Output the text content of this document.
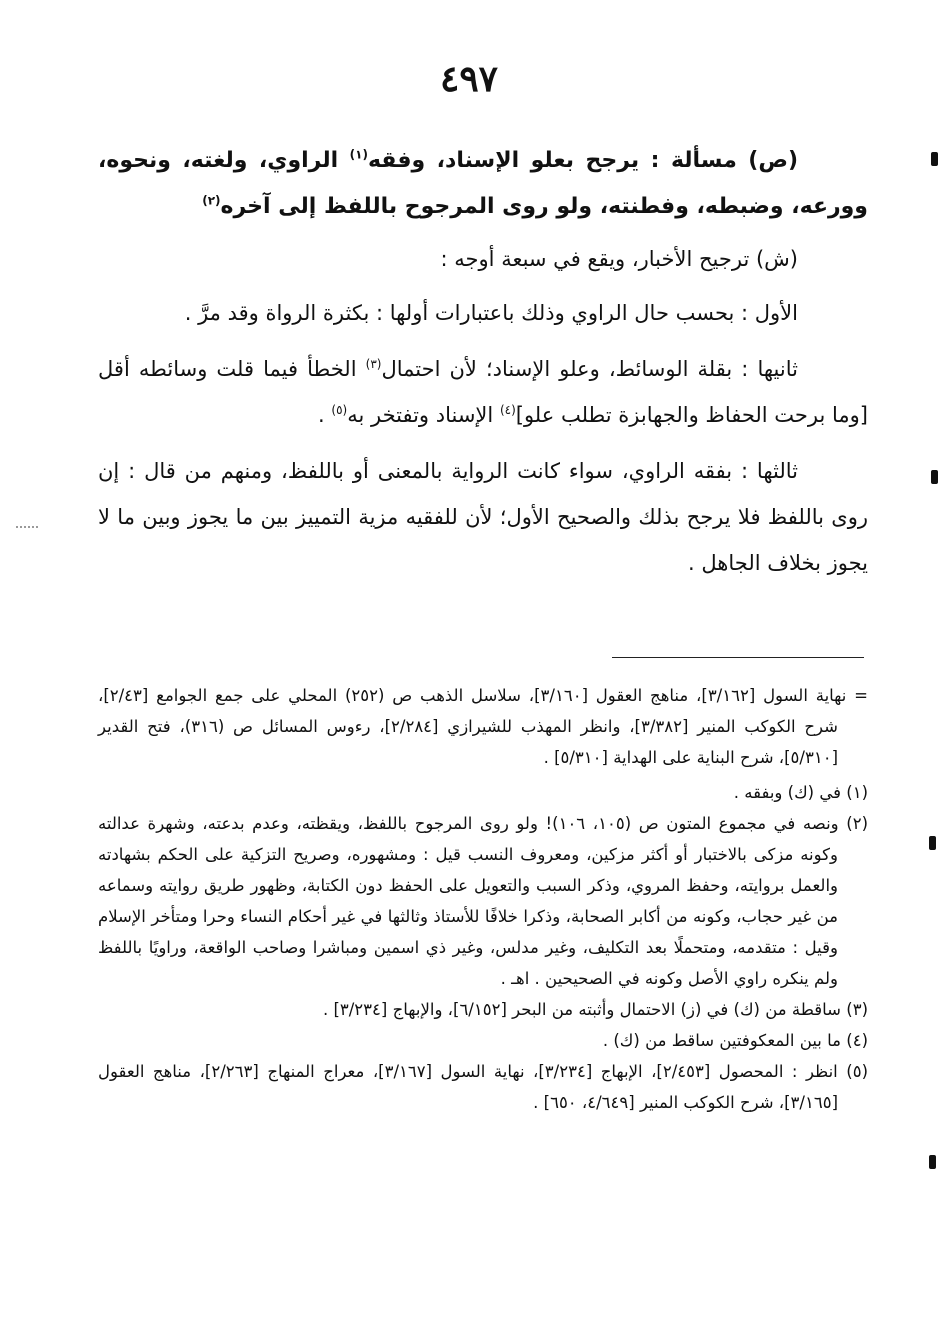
٤٩٧

(ص) مسألة : يرجح بعلو الإسناد، وفقه$^{(١)}$ الراوي، ولغته، ونحوه، وورعه، وضبطه، وفطنته، ولو روى المرجوح باللفظ إلى آخره$^{(٢)}$

(ش) ترجيح الأخبار، ويقع في سبعة أوجه :

الأول : بحسب حال الراوي وذلك باعتبارات أولها : بكثرة الرواة وقد مرَّ .

ثانيها : بقلة الوسائط، وعلو الإسناد؛ لأن احتمال$^{(٣)}$ الخطأ فيما قلت وسائطه أقل [وما برحت الحفاظ والجهابزة تطلب علو]$^{(٤)}$ الإسناد وتفتخر به$^{(٥)}$ .

ثالثها : بفقه الراوي، سواء كانت الرواية بالمعنى أو باللفظ، ومنهم من قال : إن روى باللفظ فلا يرجح بذلك والصحيح الأول؛ لأن للفقيه مزية التمييز بين ما يجوز وبين ما لا يجوز بخلاف الجاهل .

= نهاية السول [٣/١٦٢]، مناهج العقول [٣/١٦٠]، سلاسل الذهب ص (٢٥٢) المحلي على جمع الجوامع [٢/٤٣]، شرح الكوكب المنير [٣/٣٨٢]، وانظر المهذب للشيرازي [٢/٢٨٤]، رءوس المسائل ص (٣١٦)، فتح القدير [٥/٣١٠]، شرح البناية على الهداية [٥/٣١٠] .

(١) في (ك) وبفقه .

(٢) ونصه في مجموع المتون ص (١٠٥، ١٠٦)! ولو روى المرجوح باللفظ، ويقظته، وعدم بدعته، وشهرة عدالته وكونه مزكى بالاختبار أو أكثر مزكين، ومعروف النسب قيل : ومشهوره، وصريح التزكية على الحكم بشهادته والعمل بروايته، وحفظ المروي، وذكر السبب والتعويل على الحفظ دون الكتابة، وظهور طريق روايته وسماعه من غير حجاب، وكونه من أكابر الصحابة، وذكرا خلافًا للأستاذ وثالثها في غير أحكام النساء وحرا ومتأخر الإسلام وقيل : متقدمه، ومتحملًا بعد التكليف، وغير مدلس، وغير ذي اسمين ومباشرا وصاحب الواقعة، وراويًا باللفظ ولم ينكره راوي الأصل وكونه في الصحيحين . اهـ .

(٣) ساقطة من (ك) في (ز) الاحتمال وأثبته من البحر [٦/١٥٢]، والإبهاج [٣/٢٣٤] .

(٤) ما بين المعكوفتين ساقط من (ك) .

(٥) انظر : المحصول [٢/٤٥٣]، الإبهاج [٣/٢٣٤]، نهاية السول [٣/١٦٧]، معراج المنهاج [٢/٢٦٣]، مناهج العقول [٣/١٦٥]، شرح الكوكب المنير [٤/٦٤٩، ٦٥٠] .
